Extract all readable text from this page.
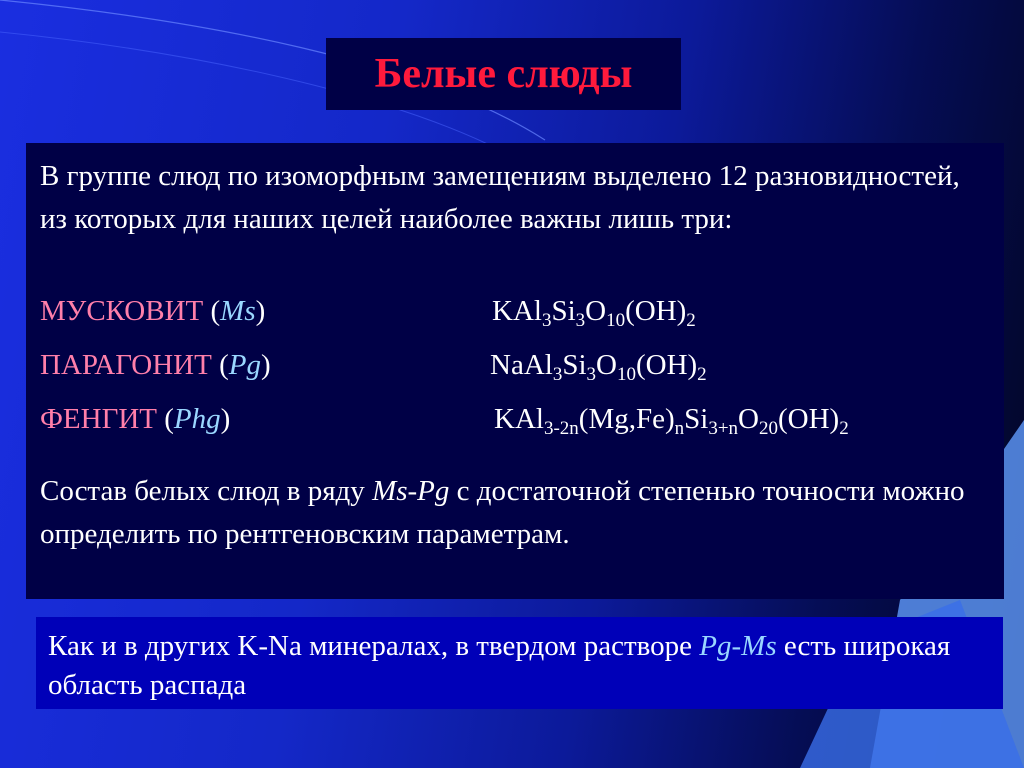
Белые слюды

В группе слюд по изоморфным замещениям выделено 12 разновидностей, из которых для наших целей наиболее важны лишь три:

МУСКОВИТ (Ms)	$KAl_3Si_3O_{10}(OH)_2$
ПАРАГОНИТ (Pg)	$NaAl_3Si_3O_{10}(OH)_2$
ФЕНГИТ (Phg)	$KAl_{3-2n}(Mg,Fe)_nSi_{3+n}O_{20}(OH)_2$

Состав белых слюд в ряду Ms-Pg с достаточной степенью точности можно определить по рентгеновским параметрам.

Как и в других K-Na минералах, в твердом растворе Pg-Ms есть широкая область распада
